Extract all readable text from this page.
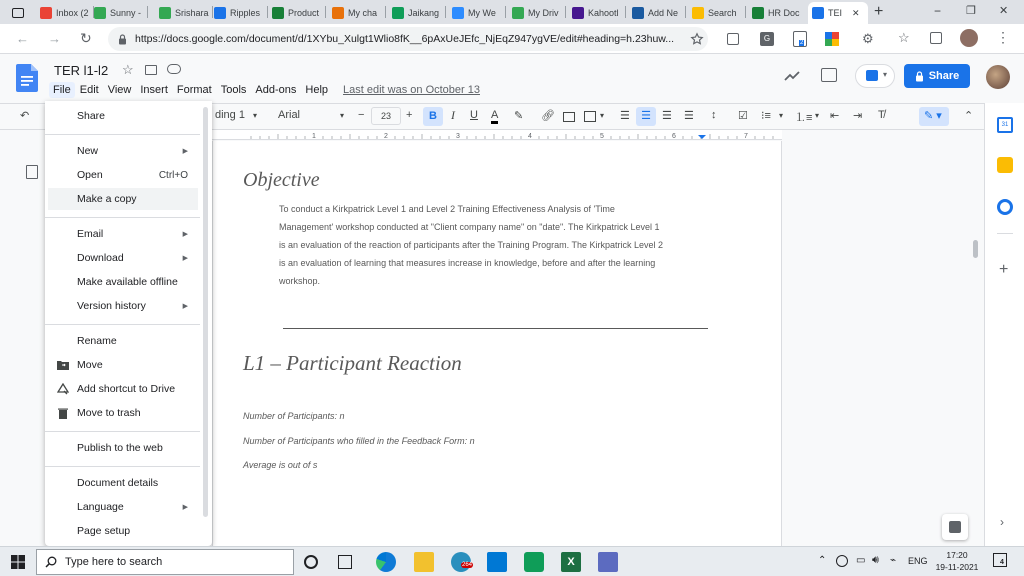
Inbox (2 Sunny -	Srishara Ripples	Product	My cha	Jaikang	My We	My Driv	Kahootl	Add Ne	Search	HR Doc	TEI ✕ +	− ❐ ✕
← → ↻	https://docs.google.com/document/d/1XYbu_Xulgt1Wlio8fK__6pAxUeJEfc_NjEqZ947ygVE/edit#heading=h.23huw...	G	2	⚙ ☆	⋮
TER l1-l2 ☆
File Edit View Insert Format Tools Add-ons Help	Last edit was on October 13
▾	Share
↶	ding 1 ▾ Arial	▾ −	23	+	B	I U A ✎ 🔗︎	▾ ☰	☰	☰ ☰ ↕ ☑ ⁝≡ ▾ ⒈≡ ▾ ⇤ ⇥ T̸	✎ ▾	⌃
1	2	3	4	5	6	7
Objective
To conduct a Kirkpatrick Level 1 and Level 2 Training Effectiveness Analysis of 'Time
Management' workshop conducted at "Client company name" on "date". The Kirkpatrick Level 1
is an evaluation of the reaction of participants after the Training Program. The Kirkpatrick Level 2
is an evaluation of learning that measures increase in knowledge, before and after the learning
workshop.
L1 – Participant Reaction
Number of Participants: n
Number of Participants who filled in the Feedback Form: n
Average is out of s
31
+
›
Share
New	▶
Open	Ctrl+O
Make a copy
Email	▶
Download	▶
Make available offline
Version history	▶
Rename
Move
Add shortcut to Drive
Move to trash
Publish to the web
Document details
Language	▶
Page setup
Type here to search	264	X	⌃	▭ 🔊︎ ⌁ ENG
17:20
19-11-2021	4
